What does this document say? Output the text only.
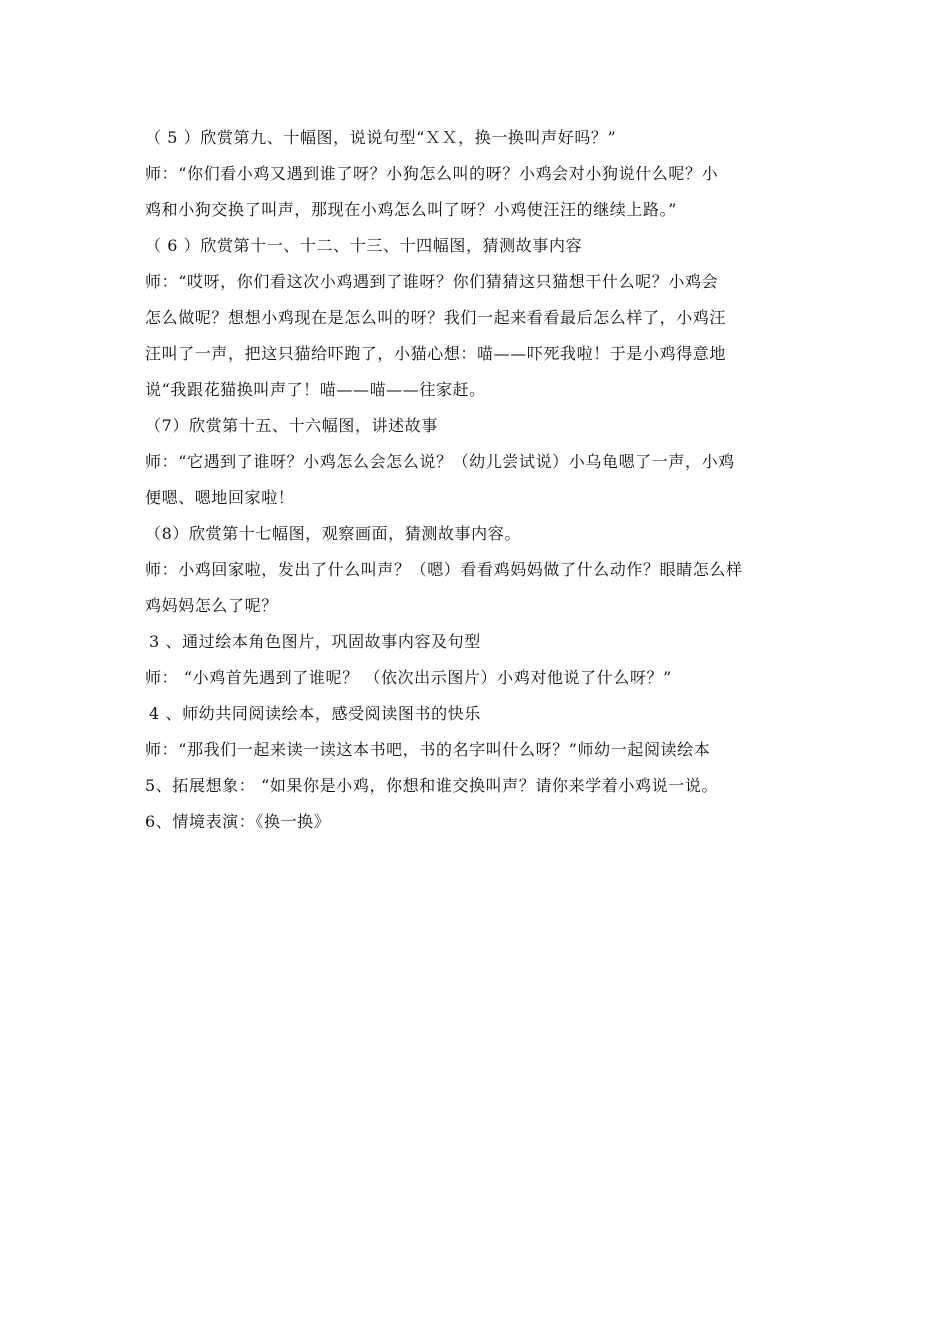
（ 5 ）欣赏第九、十幅图，说说句型“ＸＸ，换一换叫声好吗？”
师：“你们看小鸡又遇到谁了呀？小狗怎么叫的呀？小鸡会对小狗说什么呢？小
鸡和小狗交换了叫声，那现在小鸡怎么叫了呀？小鸡使汪汪的继续上路。”
（ 6 ）欣赏第十一、十二、十三、十四幅图，猜测故事内容
师：“哎呀，你们看这次小鸡遇到了谁呀？你们猜猜这只猫想干什么呢？小鸡会
怎么做呢？想想小鸡现在是怎么叫的呀？我们一起来看看最后怎么样了，小鸡汪
汪叫了一声，把这只猫给吓跑了，小猫心想：喵——吓死我啦！于是小鸡得意地
说“我跟花猫换叫声了！喵——喵——往家赶。
（7）欣赏第十五、十六幅图，讲述故事
师：“它遇到了谁呀？小鸡怎么会怎么说？（幼儿尝试说）小乌龟嗯了一声，小鸡
便嗯、嗯地回家啦！
（8）欣赏第十七幅图，观察画面，猜测故事内容。
师：小鸡回家啦，发出了什么叫声？（嗯）看看鸡妈妈做了什么动作？眼睛怎么样
鸡妈妈怎么了呢？
3 、通过绘本角色图片，巩固故事内容及句型
师： “小鸡首先遇到了谁呢？ （依次出示图片）小鸡对他说了什么呀？”
4 、师幼共同阅读绘本，感受阅读图书的快乐
师：“那我们一起来读一读这本书吧，书的名字叫什么呀？”师幼一起阅读绘本
5、拓展想象： “如果你是小鸡，你想和谁交换叫声？请你来学着小鸡说一说。
6、情境表演：《换一换》
